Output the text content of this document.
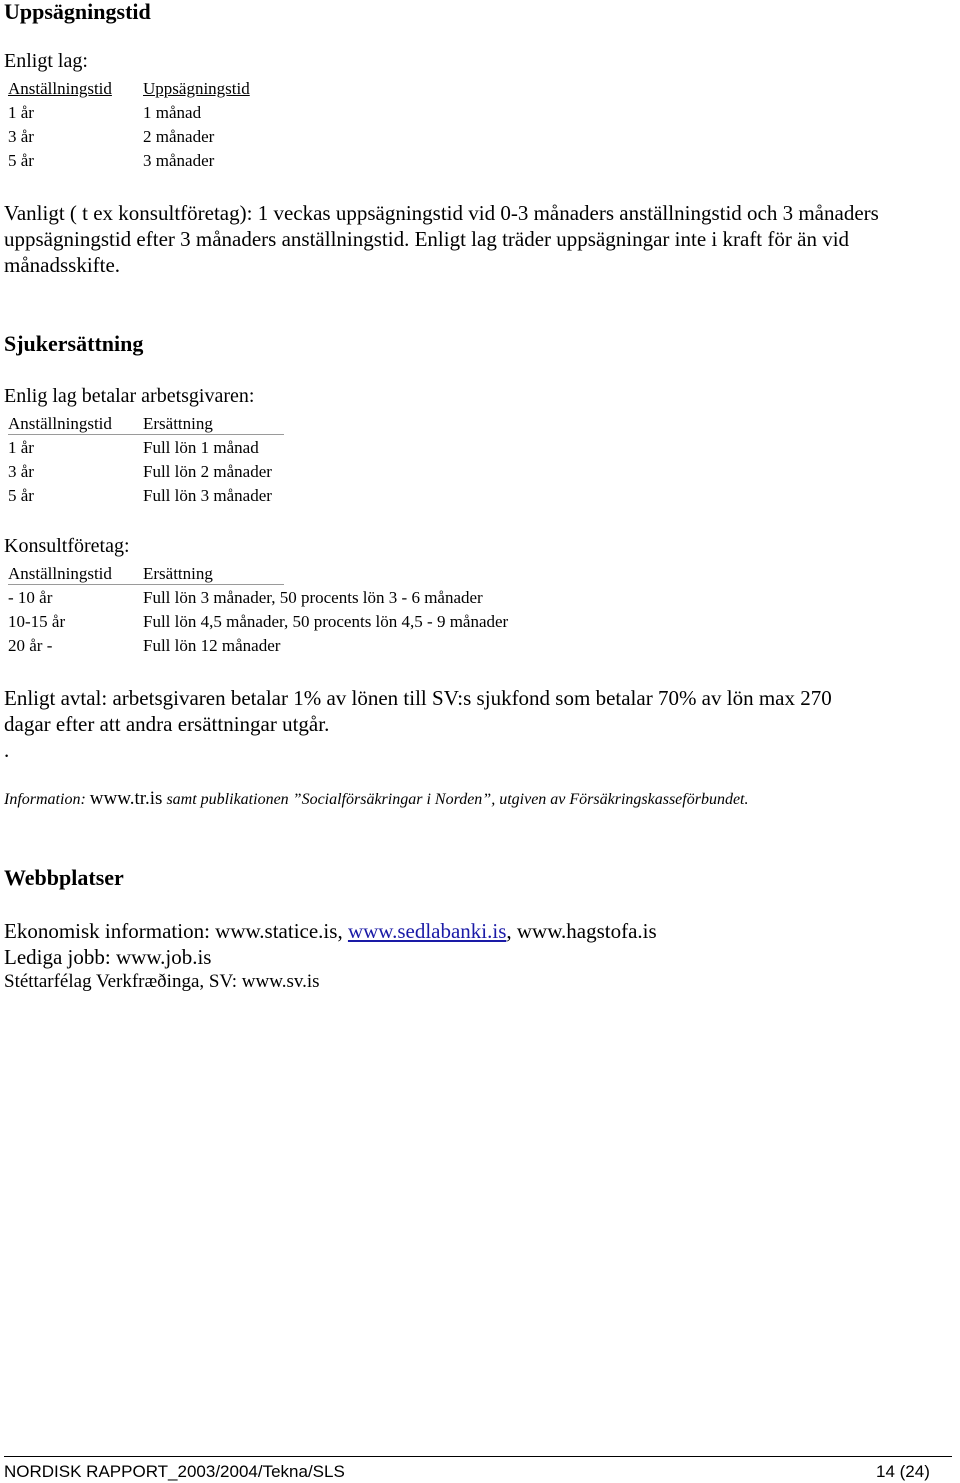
Uppsägningstid
Enligt lag:
Anställningstid Uppsägningstid
1 år	1 månad
3 år	2 månader
5 år	3 månader
Vanligt ( t ex konsultföretag): 1 veckas uppsägningstid vid 0-3 månaders anställningstid och 3 månaders
uppsägningstid efter 3 månaders anställningstid. Enligt lag träder uppsägningar inte i kraft för än vid
månadsskifte.
Sjukersättning
Enlig lag betalar arbetsgivaren:
Anställningstid Ersättning
1 år	Full lön 1 månad
3 år	Full lön 2 månader
5 år	Full lön 3 månader
Konsultföretag:
Anställningstid Ersättning
- 10 år	Full lön 3 månader, 50 procents lön 3 - 6 månader
10-15 år	Full lön 4,5 månader, 50 procents lön 4,5 - 9 månader
20 år -	Full lön 12 månader
Enligt avtal: arbetsgivaren betalar 1% av lönen till SV:s sjukfond som betalar 70% av lön max 270
dagar efter att andra ersättningar utgår.
.
Information: www.tr.is samt publikationen ”Socialförsäkringar i Norden”, utgiven av Försäkringskasseförbundet.
Webbplatser
Ekonomisk information: www.statice.is, www.sedlabanki.is, www.hagstofa.is
Lediga jobb: www.job.is
Stéttarfélag Verkfræðinga, SV: www.sv.is
NORDISK RAPPORT_2003/2004/Tekna/SLS	14 (24)
